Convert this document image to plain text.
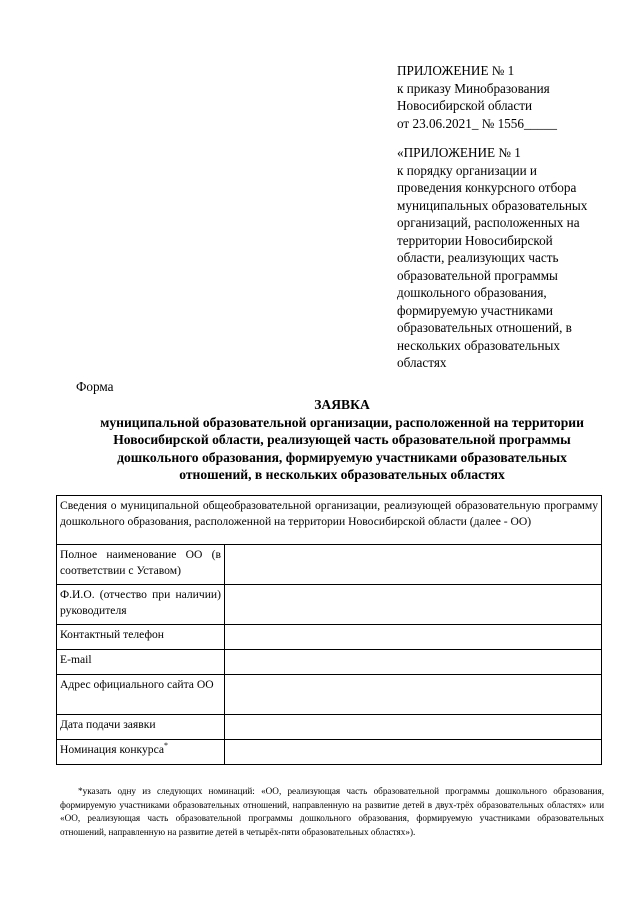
ПРИЛОЖЕНИЕ № 1
к приказу Минобразования
Новосибирской области
от 23.06.2021_ № 1556_____
«ПРИЛОЖЕНИЕ № 1
к порядку организации и
проведения конкурсного отбора
муниципальных образовательных
организаций, расположенных на
территории Новосибирской
области, реализующих часть
образовательной программы
дошкольного образования,
формируемую участниками
образовательных отношений, в
нескольких образовательных
областях
Форма
ЗАЯВКА
муниципальной образовательной организации, расположенной на территории
Новосибирской области, реализующей часть образовательной программы
дошкольного образования, формируемую участниками образовательных
отношений, в нескольких образовательных областях
Сведения о муниципальной общеобразовательной организации, реализующей образовательную программу дошкольного образования, расположенной на территории Новосибирской области (далее - ОО)	
Полное наименование ОО (в соответствии с Уставом)	
Ф.И.О. (отчество при наличии) руководителя	
Контактный телефон	
E-mail	
Адрес официального сайта ОО	
Дата подачи заявки	
Номинация конкурса*	
*указать одну из следующих номинаций: «ОО, реализующая часть образовательной программы дошкольного образования, формируемую участниками образовательных отношений, направленную на развитие детей в двух-трёх образовательных областях» или «ОО, реализующая часть образовательной программы дошкольного образования, формируемую участниками образовательных отношений, направленную на развитие детей в четырёх-пяти образовательных областях»).
